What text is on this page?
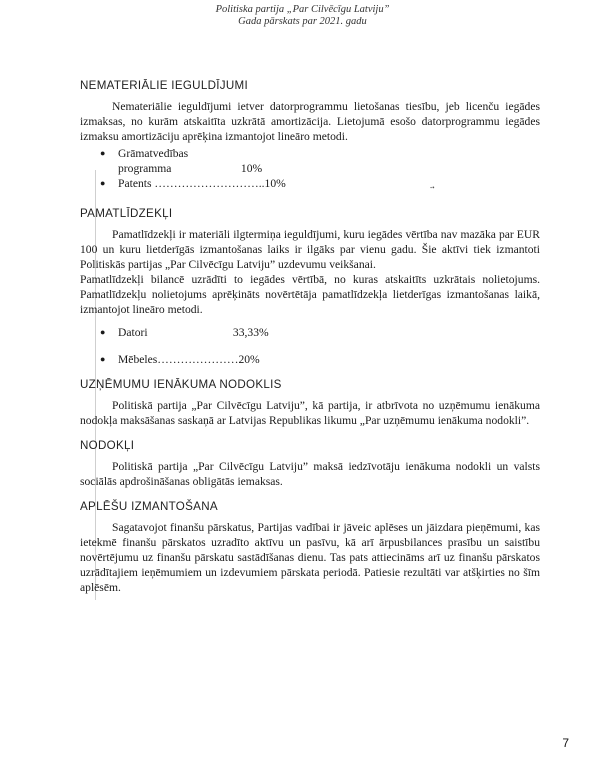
Politiska partija „Par Cilvēcīgu Latviju”
Gada pārskats par 2021. gadu
ꞏ•
NEMATERIĀLIE IEGULDĪJUMI

Nemateriālie ieguldījumi ietver datorprogrammu lietošanas tiesību, jeb licenču iegādes izmaksas, no kurām atskaitīta uzkrātā amortizācija. Lietojumā esošo datorprogrammu iegādes izmaksu amortizāciju aprēķina izmantojot lineāro metodi.

● Grāmatvedības programma	10%
● Patents ………………………..10%
PAMATLĪDZEKĻI

Pamatlīdzekļi ir materiāli ilgtermiņa ieguldījumi, kuru iegādes vērtība nav mazāka par EUR 100 un kuru lietderīgās izmantošanas laiks ir ilgāks par vienu gadu. Šie aktīvi tiek izmantoti Politiskās partijas „Par Cilvēcīgu Latviju” uzdevumu veikšanai.

Pamatlīdzekļi bilancē uzrādīti to iegādes vērtībā, no kuras atskaitīts uzkrātais nolietojums. Pamatlīdzekļu nolietojums aprēķināts novērtētāja pamatlīdzekļa lietderīgas izmantošanas laikā, izmantojot lineāro metodi.

● Datori	33,33%
● Mēbeles…………………20%
UZŅĒMUMU IENĀKUMA NODOKLIS

Politiskā partija „Par Cilvēcīgu Latviju”, kā partija, ir atbrīvota no uzņēmumu ienākuma nodokļa maksāšanas saskaņā ar Latvijas Republikas likumu „Par uzņēmumu ienākuma nodokli”.

NODOKĻI

Politiskā partija „Par Cilvēcīgu Latviju” maksā iedzīvotāju ienākuma nodokli un valsts sociālās apdrošināšanas obligātās iemaksas.

APLĒŠU IZMANTOŠANA

Sagatavojot finanšu pārskatus, Partijas vadībai ir jāveic aplēses un jāizdara pieņēmumi, kas ietekmē finanšu pārskatos uzradīto aktīvu un pasīvu, kā arī ārpusbilances prasību un saistību novērtējumu uz finanšu pārskatu sastādīšanas dienu. Tas pats attiecināms arī uz finanšu pārskatos uzrādītajiem ieņēmumiem un izdevumiem pārskata periodā. Patiesie rezultāti var atšķirties no šīm aplēsēm.

7
